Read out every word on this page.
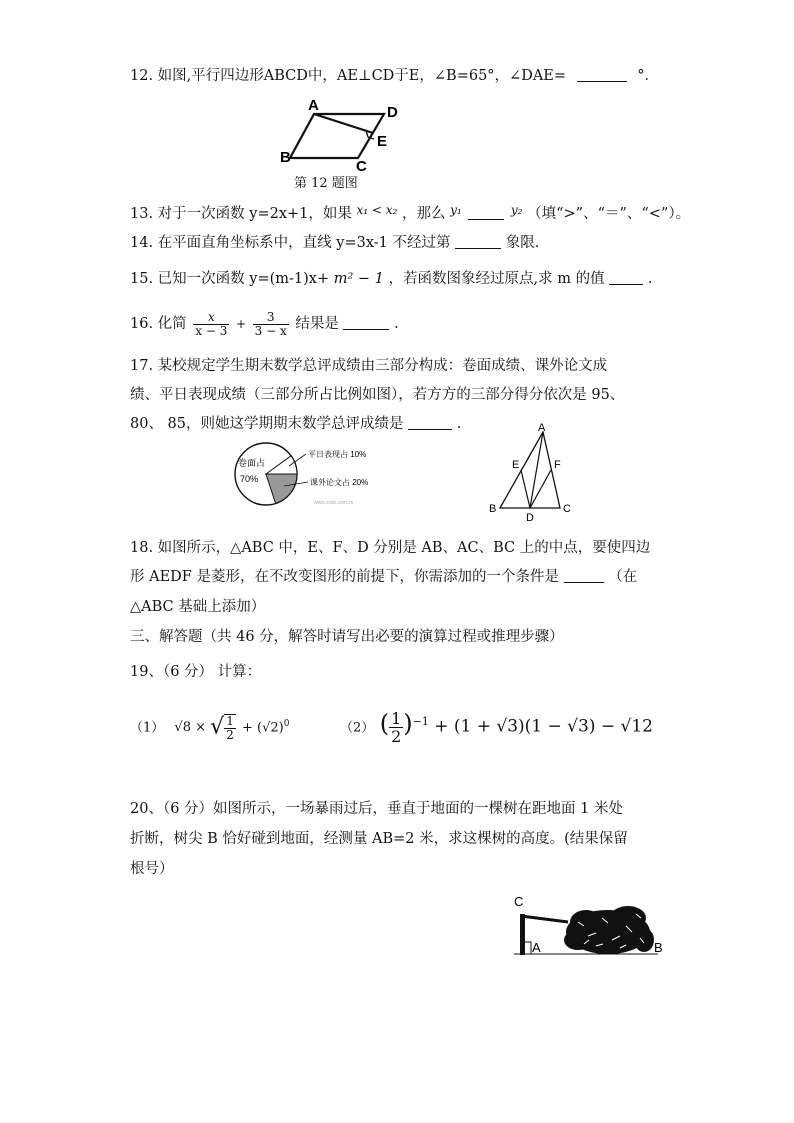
12. 如图,平行四边形ABCD中，AE⊥CD于E，∠B=65°，∠DAE=	°．
A	D
E
B
C
第 12 题图
13. 对于一次函数 y=2x+1，如果 $^{x_1 < x_2}$ ，那么 $^{y_1}$	$^{y_2}$ （填“>”、“＝”、“<”）。
14. 在平面直角坐标系中，直线 y=3x-1 不经过第	象限.
15. 已知一次函数 y=(m-1)x+ m² − 1 ，若函数图象经过原点,求 m 的值	.
16. 化简 $\frac{x}{x - 3} + \frac{3}{3 - x}$ 结果是	.
17. 某校规定学生期末数学总评成绩由三部分构成：卷面成绩、课外论文成
绩、平日表现成绩（三部分所占比例如图），若方方的三部分得分依次是 95、
80、 85，则她这学期期末数学总评成绩是	.
卷面占
70%
平日表现占 10%
课外论文占 20%
www.zxxk.com.cn
A
E	F
B
D
C
18. 如图所示，△ABC 中，E、F、D 分别是 AB、AC、BC 上的中点，要使四边
形 AEDF 是菱形，在不改变图形的前提下，你需添加的一个条件是	（在
△ABC 基础上添加）
三、解答题（共 46 分，解答时请写出必要的演算过程或推理步骤）
19、（6 分） 计算：
（1） √8 × √ $\frac{1}{2} + (√2)^0$	（2） ( $\frac{1}{2} )^{-1} + (1 + √3)(1 - √3) - √12$
20、（6 分）如图所示，一场暴雨过后，垂直于地面的一棵树在距地面 1 米处
折断，树尖 B 恰好碰到地面，经测量 AB=2 米，求这棵树的高度。(结果保留
根号）
C
A	B
